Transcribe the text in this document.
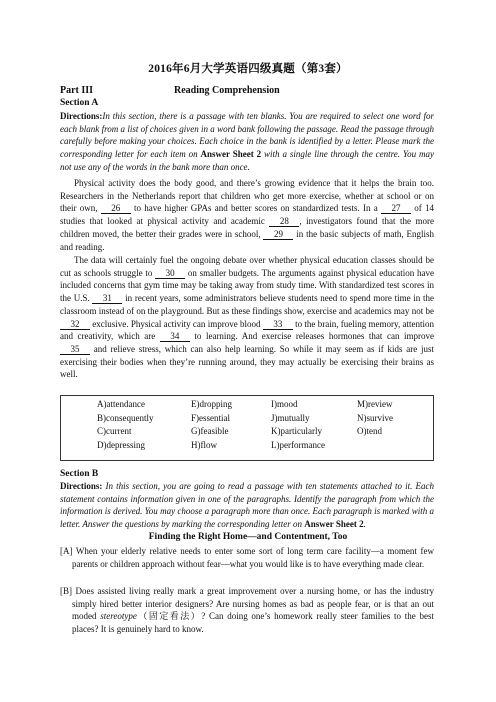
2016年6月大学英语四级真题（第3套）
Part III	Reading Comprehension
Section A
Directions:In this section, there is a passage with ten blanks. You are required to select one word for each blank from a list of choices given in a word bank following the passage. Read the passage through carefully before making your choices. Each choice in the bank is identified by a letter. Please mark the corresponding letter for each item on Answer Sheet 2 with a single line through the centre. You may not use any of the words in the bank more than once.
Physical activity does the body good, and there’s growing evidence that it helps the brain too. Researchers in the Netherlands report that children who get more exercise, whether at school or on their own, 26 to have higher GPAs and better scores on standardized tests. In a 27 of 14 studies that looked at physical activity and academic 28 , investigators found that the more children moved, the better their grades were in school, 29 in the basic subjects of math, English and reading.
The data will certainly fuel the ongoing debate over whether physical education classes should be cut as schools struggle to 30 on smaller budgets. The arguments against physical education have included concerns that gym time may be taking away from study time. With standardized test scores in the U.S. 31 in recent years, some administrators believe students need to spend more time in the classroom instead of on the playground. But as these findings show, exercise and academics may not be 32 exclusive. Physical activity can improve blood 33 to the brain, fueling memory, attention and creativity, which are 34 to learning. And exercise releases hormones that can improve 35 and relieve stress, which can also help learning. So while it may seem as if kids are just exercising their bodies when they’re running around, they may actually be exercising their brains as well.
A)attendance
B)consequently
C)current
D)depressing
E)dropping
F)essential
G)feasible
H)flow
I)mood
J)mutually
K)particularly
L)performance
M)review
N)survive
O)tend
Section B
Directions: In this section, you are going to read a passage with ten statements attached to it. Each statement contains information given in one of the paragraphs. Identify the paragraph from which the information is derived. You may choose a paragraph more than once. Each paragraph is marked with a letter. Answer the questions by marking the corresponding letter on Answer Sheet 2.
Finding the Right Home—and Contentment, Too
[A] When your elderly relative needs to enter some sort of long term care facility—a moment few parents or children approach without fear—what you would like is to have everything made clear.
[B] Does assisted living really mark a great improvement over a nursing home, or has the industry simply hired better interior designers? Are nursing homes as bad as people fear, or is that an out moded stereotype（固定看法）? Can doing one’s homework really steer families to the best places? It is genuinely hard to know.
